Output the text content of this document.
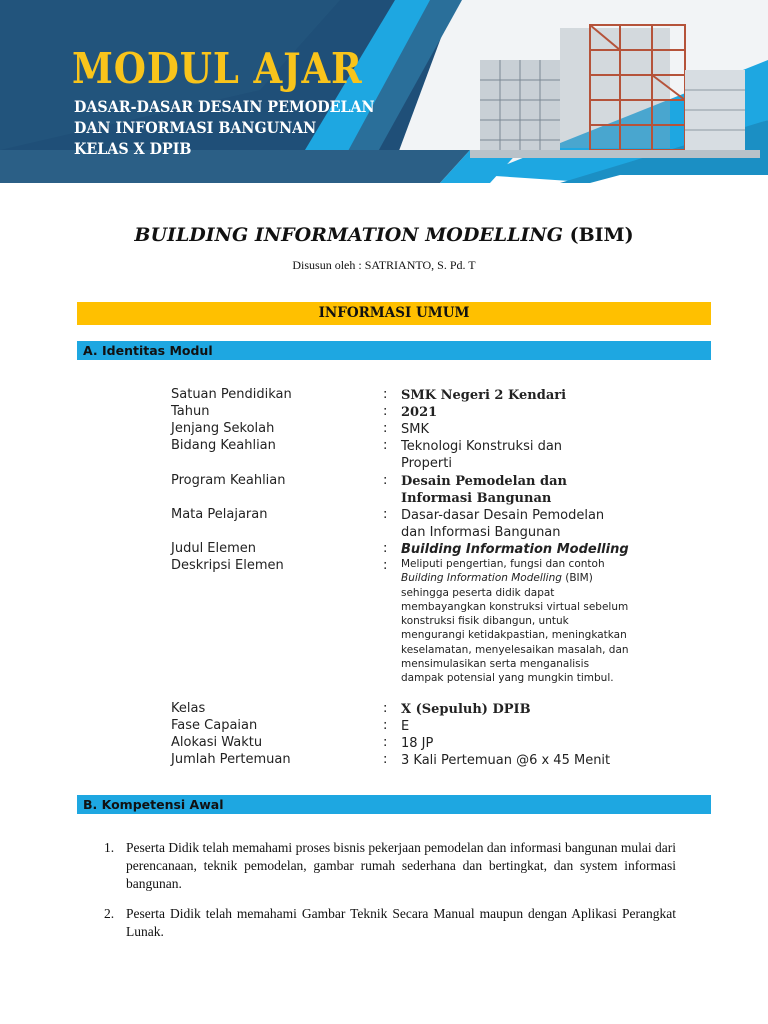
MODUL AJAR
DASAR-DASAR DESAIN PEMODELAN
DAN INFORMASI BANGUNAN
KELAS X DPIB
BUILDING INFORMATION MODELLING (BIM)
Disusun oleh : SATRIANTO, S. Pd. T
INFORMASI UMUM
A. Identitas Modul
Satuan Pendidikan	: SMK Negeri 2 Kendari
Tahun	: 2021
Jenjang Sekolah	: SMK
Bidang Keahlian	: Teknologi Konstruksi dan Properti
Program Keahlian	: Desain Pemodelan dan Informasi Bangunan
Mata Pelajaran	: Dasar-dasar Desain Pemodelan dan Informasi Bangunan
Judul Elemen	: Building Information Modelling
Deskripsi Elemen	: Meliputi pengertian, fungsi dan contoh
Building Information Modelling (BIM) sehingga peserta didik dapat membayangkan konstruksi virtual sebelum konstruksi fisik dibangun, untuk mengurangi ketidakpastian, meningkatkan keselamatan, menyelesaikan masalah, dan mensimulasikan serta menganalisis dampak potensial yang mungkin timbul.
Kelas	: X (Sepuluh) DPIB
Fase Capaian	: E
Alokasi Waktu	: 18 JP
Jumlah Pertemuan	: 3 Kali Pertemuan @6 x 45 Menit
B. Kompetensi Awal
1. Peserta Didik telah memahami proses bisnis pekerjaan pemodelan dan informasi bangunan mulai dari perencanaan, teknik pemodelan, gambar rumah sederhana dan bertingkat, dan system informasi bangunan.
2. Peserta Didik telah memahami Gambar Teknik Secara Manual maupun dengan Aplikasi Perangkat Lunak.
